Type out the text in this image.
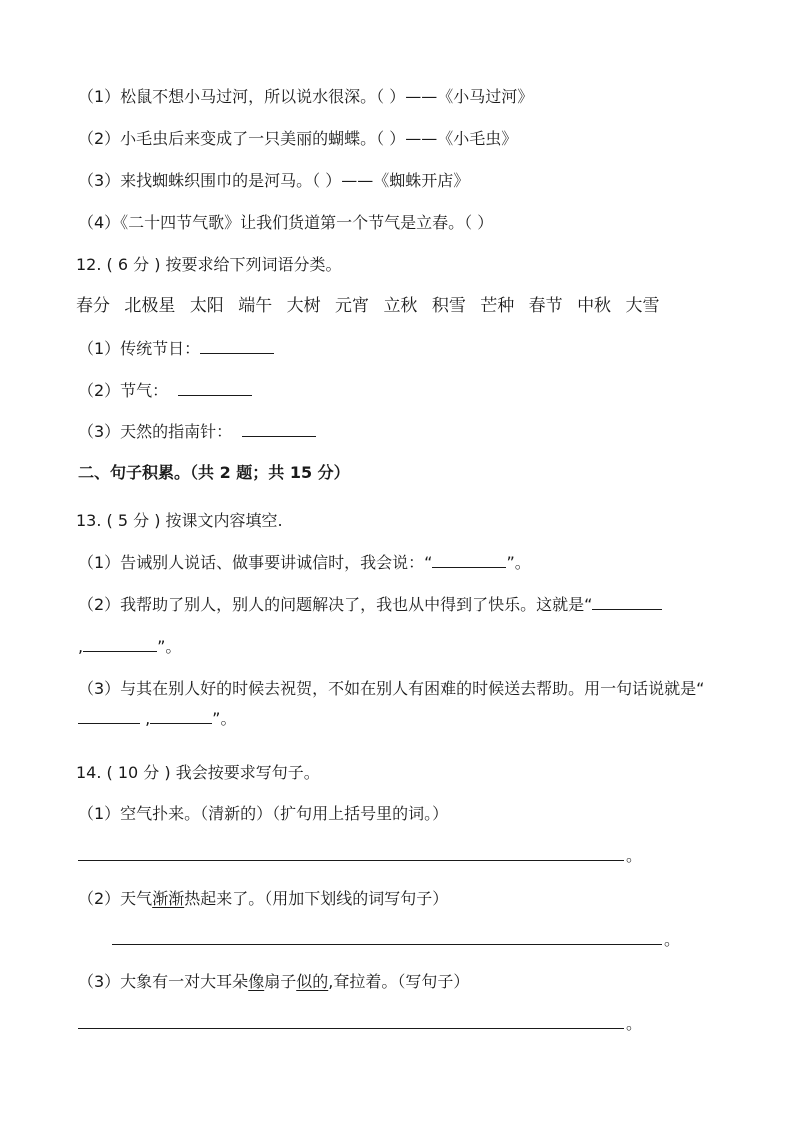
（1）松鼠不想小马过河，所以说水很深。（ ）——《小马过河》
（2）小毛虫后来变成了一只美丽的蝴蝶。（ ）——《小毛虫》
（3）来找蜘蛛织围巾的是河马。（ ）——《蜘蛛开店》
（4）《二十四节气歌》让我们货道第一个节气是立春。（ ）
12. ( 6 分 ) 按要求给下列词语分类。
春分 北极星 太阳 端午 大树 元宵 立秋 积雪 芒种 春节 中秋 大雪
（1）传统节日：
（2）节气：
（3）天然的指南针：
二、句子积累。（共 2 题；共 15 分）
13. ( 5 分 ) 按课文内容填空.
（1）告诫别人说话、做事要讲诚信时，我会说：“	”。
（2）我帮助了别人，别人的问题解决了，我也从中得到了快乐。这就是“
,	”。
（3）与其在别人好的时候去祝贺，不如在别人有困难的时候送去帮助。用一句话说就是“ ,	”。
14. ( 10 分 ) 我会按要求写句子。
（1）空气扑来。（清新的）（扩句用上括号里的词。）
。
（2）天气渐渐热起来了。（用加下划线的词写句子）
。
（3）大象有一对大耳朵像扇子似的,耷拉着。（写句子）
。
